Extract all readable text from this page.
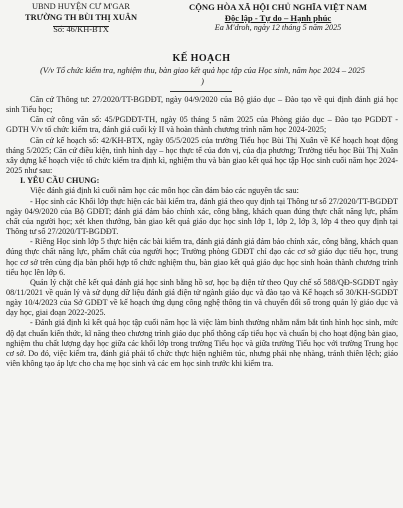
UBND HUYỆN CƯ M'GAR
TRƯỜNG TH BÙI THỊ XUÂN
Số: 46/KH-BTX
CỘNG HÒA XÃ HỘI CHỦ NGHĨA VIỆT NAM
Độc lập - Tự do – Hạnh phúc
Ea M'droh, ngày 12 tháng 5 năm 2025
KẾ HOẠCH
(V/v Tổ chức kiểm tra, nghiệm thu, bàn giao kết quả học tập của Học sinh, năm học 2024 – 2025 )

Căn cứ Thông tư: 27/2020/TT-BGDĐT, ngày 04/9/2020 của Bộ giáo dục – Đào tạo về qui định đánh giá học sinh Tiểu học;

Căn cứ công văn số: 45/PGDĐT-TH, ngày 05 tháng 5 năm 2025 của Phòng giáo dục – Đào tạo PGDĐT - GDTH V/v tổ chức kiểm tra, đánh giá cuối kỳ II và hoàn thành chương trình năm học 2024-2025;

Căn cứ kế hoạch số: 42/KH-BTX, ngày 05/5/2025 của trường Tiểu học Bùi Thị Xuân về Kế hoạch hoạt động tháng 5/2025; Căn cứ điều kiện, tình hình dạy – học thực tế của đơn vị, của địa phương; Trường tiểu học Bùi Thị Xuân xây dựng kế hoạch việc tổ chức kiểm tra định kì, nghiệm thu và bàn giao kết quả học tập Học sinh cuối năm học 2024-2025 như sau:

I. YÊU CẦU CHUNG:

Việc đánh giá định kì cuối năm học các môn học cần đảm bảo các nguyên tắc sau:

- Học sinh các Khối lớp thực hiện các bài kiểm tra, đánh giá theo quy định tại Thông tư số 27/2020/TT-BGDĐT ngày 04/9/2020 của Bộ GDĐT; đánh giá đảm bảo chính xác, công bằng, khách quan đúng thực chất năng lực, phẩm chất của người học; xét khen thưởng, bàn giao kết quả giáo dục học sinh lớp 1, lớp 2, lớp 3, lớp 4 theo quy định tại Thông tư số 27/2020/TT-BGDĐT.

- Riêng Học sinh lớp 5 thực hiện các bài kiểm tra, đánh giá đánh giá đảm bảo chính xác, công bằng, khách quan đúng thực chất năng lực, phẩm chất của người học; Trường phòng GDĐT chỉ đạo các cơ sở giáo dục tiểu học, trung học cơ sở trên cùng địa bàn phối hợp tổ chức nghiệm thu, bàn giao kết quả giáo dục học sinh hoàn thành chương trình tiểu học lên lớp 6.

Quản lý chặt chẽ kết quả đánh giá học sinh bằng hồ sơ, học bạ điện tử theo Quy chế số 588/QĐ-SGDĐT ngày 08/11/2021 về quản lý và sử dụng dữ liệu đánh giá điện tử ngành giáo dục và đào tạo và Kế hoạch số 30/KH-SGDĐT ngày 10/4/2023 của Sở GDĐT về kế hoạch ứng dụng công nghệ thông tin và chuyển đổi số trong quản lý giáo dục và dạy học, giai đoạn 2022-2025.

- Đánh giá định kì kết quả học tập cuối năm học là việc làm bình thường nhằm nắm bắt tình hình học sinh, mức độ đạt chuẩn kiến thức, kĩ năng theo chương trình giáo dục phổ thông cấp tiểu học và chuẩn bị cho hoạt động bàn giao, nghiệm thu chất lượng dạy học giữa các khối lớp trong trường Tiểu học và giữa trường Tiểu học với trường Trung học cơ sở. Do đó, việc kiểm tra, đánh giá phải tổ chức thực hiện nghiêm túc, nhưng phải nhẹ nhàng, tránh thiên lệch; giáo viên không tạo áp lực cho cha mẹ học sinh và các em học sinh trước khi kiểm tra.
